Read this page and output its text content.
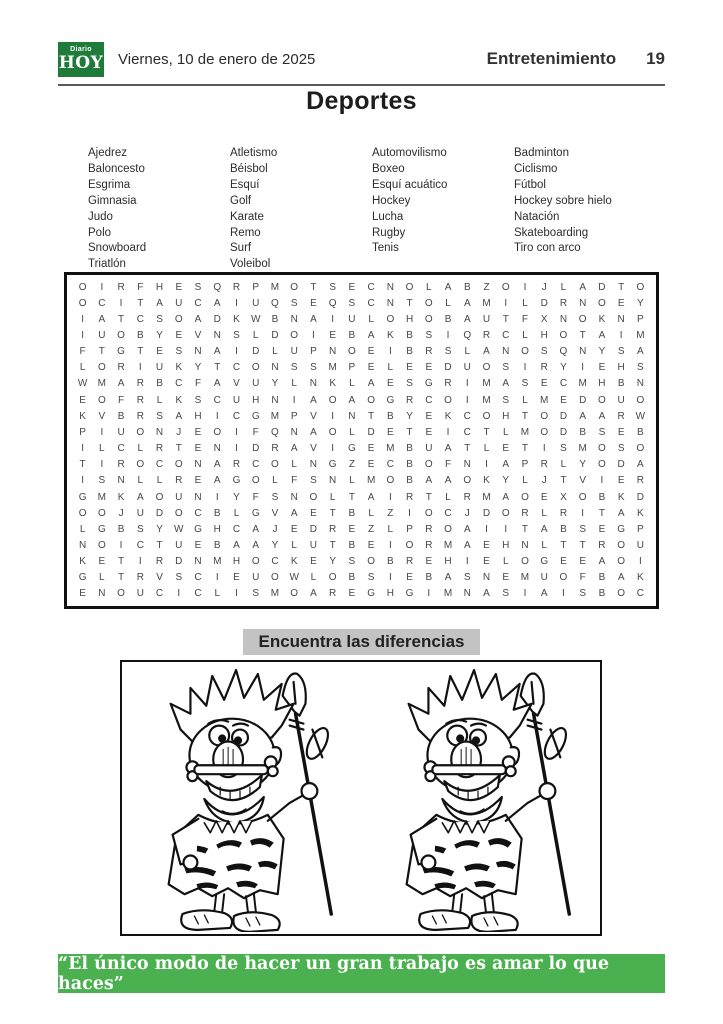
Diario
HOY Viernes, 10 de enero de 2025	Entretenimiento 19
Deportes
Ajedrez
Baloncesto
Esgrima
Gimnasia
Judo
Polo
Snowboard
Triatlón
Atletismo
Béisbol
Esquí
Golf
Karate
Remo
Surf
Voleibol
Automovilismo
Boxeo
Esquí acuático
Hockey
Lucha
Rugby
Tenis
Badminton
Ciclismo
Fútbol
Hockey sobre hielo
Natación
Skateboarding
Tiro con arco
O	I	R	F	H	E	S	Q	R	P	M	O	T	S	E	C	N	O	L	A	B	Z	O	I	J	L	A	D	T	O
O	C	I	T	A	U	C	A	I	U	Q	S	E	Q	S	C	N	T	O	L	A	M	I	L	D	R	N	O	E	Y
I	A	T	C	S	O	A	D	K	W	B	N	A	I	U	L	O	H	O	B	A	U	T	F	X	N	O	K	N	P
I	U	O	B	Y	E	V	N	S	L	D	O	I	E	B	A	K	B	S	I	Q	R	C	L	H	O	T	A	I	M
F	T	G	T	E	S	N	A	I	D	L	U	P	N	O	E	I	B	R	S	L	A	N	O	S	Q	N	Y	S	A
L	O	R	I	U	K	Y	T	C	O	N	S	S	M	P	E	L	E	E	D	U	O	S	I	R	Y	I	E	H	S
W	M	A	R	B	C	F	A	V	U	Y	L	N	K	L	A	E	S	G	R	I	M	A	S	E	C	M	H	B	N
E	O	F	R	L	K	S	C	U	H	N	I	A	O	A	O	G	R	C	O	I	M	S	L	M	E	D	O	U	O
K	V	B	R	S	A	H	I	C	G	M	P	V	I	N	T	B	Y	E	K	C	O	H	T	O	D	A	A	R	W
P	I	U	O	N	J	E	O	I	F	Q	N	A	O	L	D	E	T	E	I	C	T	L	M	O	D	B	S	E	B
I	L	C	L	R	T	E	N	I	D	R	A	V	I	G	E	M	B	U	A	T	L	E	T	I	S	M	O	S	O
T	I	R	O	C	O	N	A	R	C	O	L	N	G	Z	E	C	B	O	F	N	I	A	P	R	L	Y	O	D	A
I	S	N	L	L	R	E	A	G	O	L	F	S	N	L	M	O	B	A	A	O	K	Y	L	J	T	V	I	E	R
G	M	K	A	O	U	N	I	Y	F	S	N	O	L	T	A	I	R	T	L	R	M	A	O	E	X	O	B	K	D
O	O	J	U	D	O	C	B	L	G	V	A	E	T	B	L	Z	I	O	C	J	D	O	R	L	R	I	T	A	K
L	G	B	S	Y	W	G	H	C	A	J	E	D	R	E	Z	L	P	R	O	A	I	I	T	A	B	S	E	G	P
N	O	I	C	T	U	E	B	A	A	Y	L	U	T	B	E	I	O	R	M	A	E	H	N	L	T	T	R	O	U
K	E	T	I	R	D	N	M	H	O	C	K	E	Y	S	O	B	R	E	H	I	E	L	O	G	E	E	A	O	I
G	L	T	R	V	S	C	I	E	U	O	W	L	O	B	S	I	E	B	A	S	N	E	M	U	O	F	B	A	K
E	N	O	U	C	I	C	L	I	S	M	O	A	R	E	G	H	G	I	M	N	A	S	I	A	I	S	B	O	C
Encuentra las diferencias
“El único modo de hacer un gran trabajo es amar lo que haces”
